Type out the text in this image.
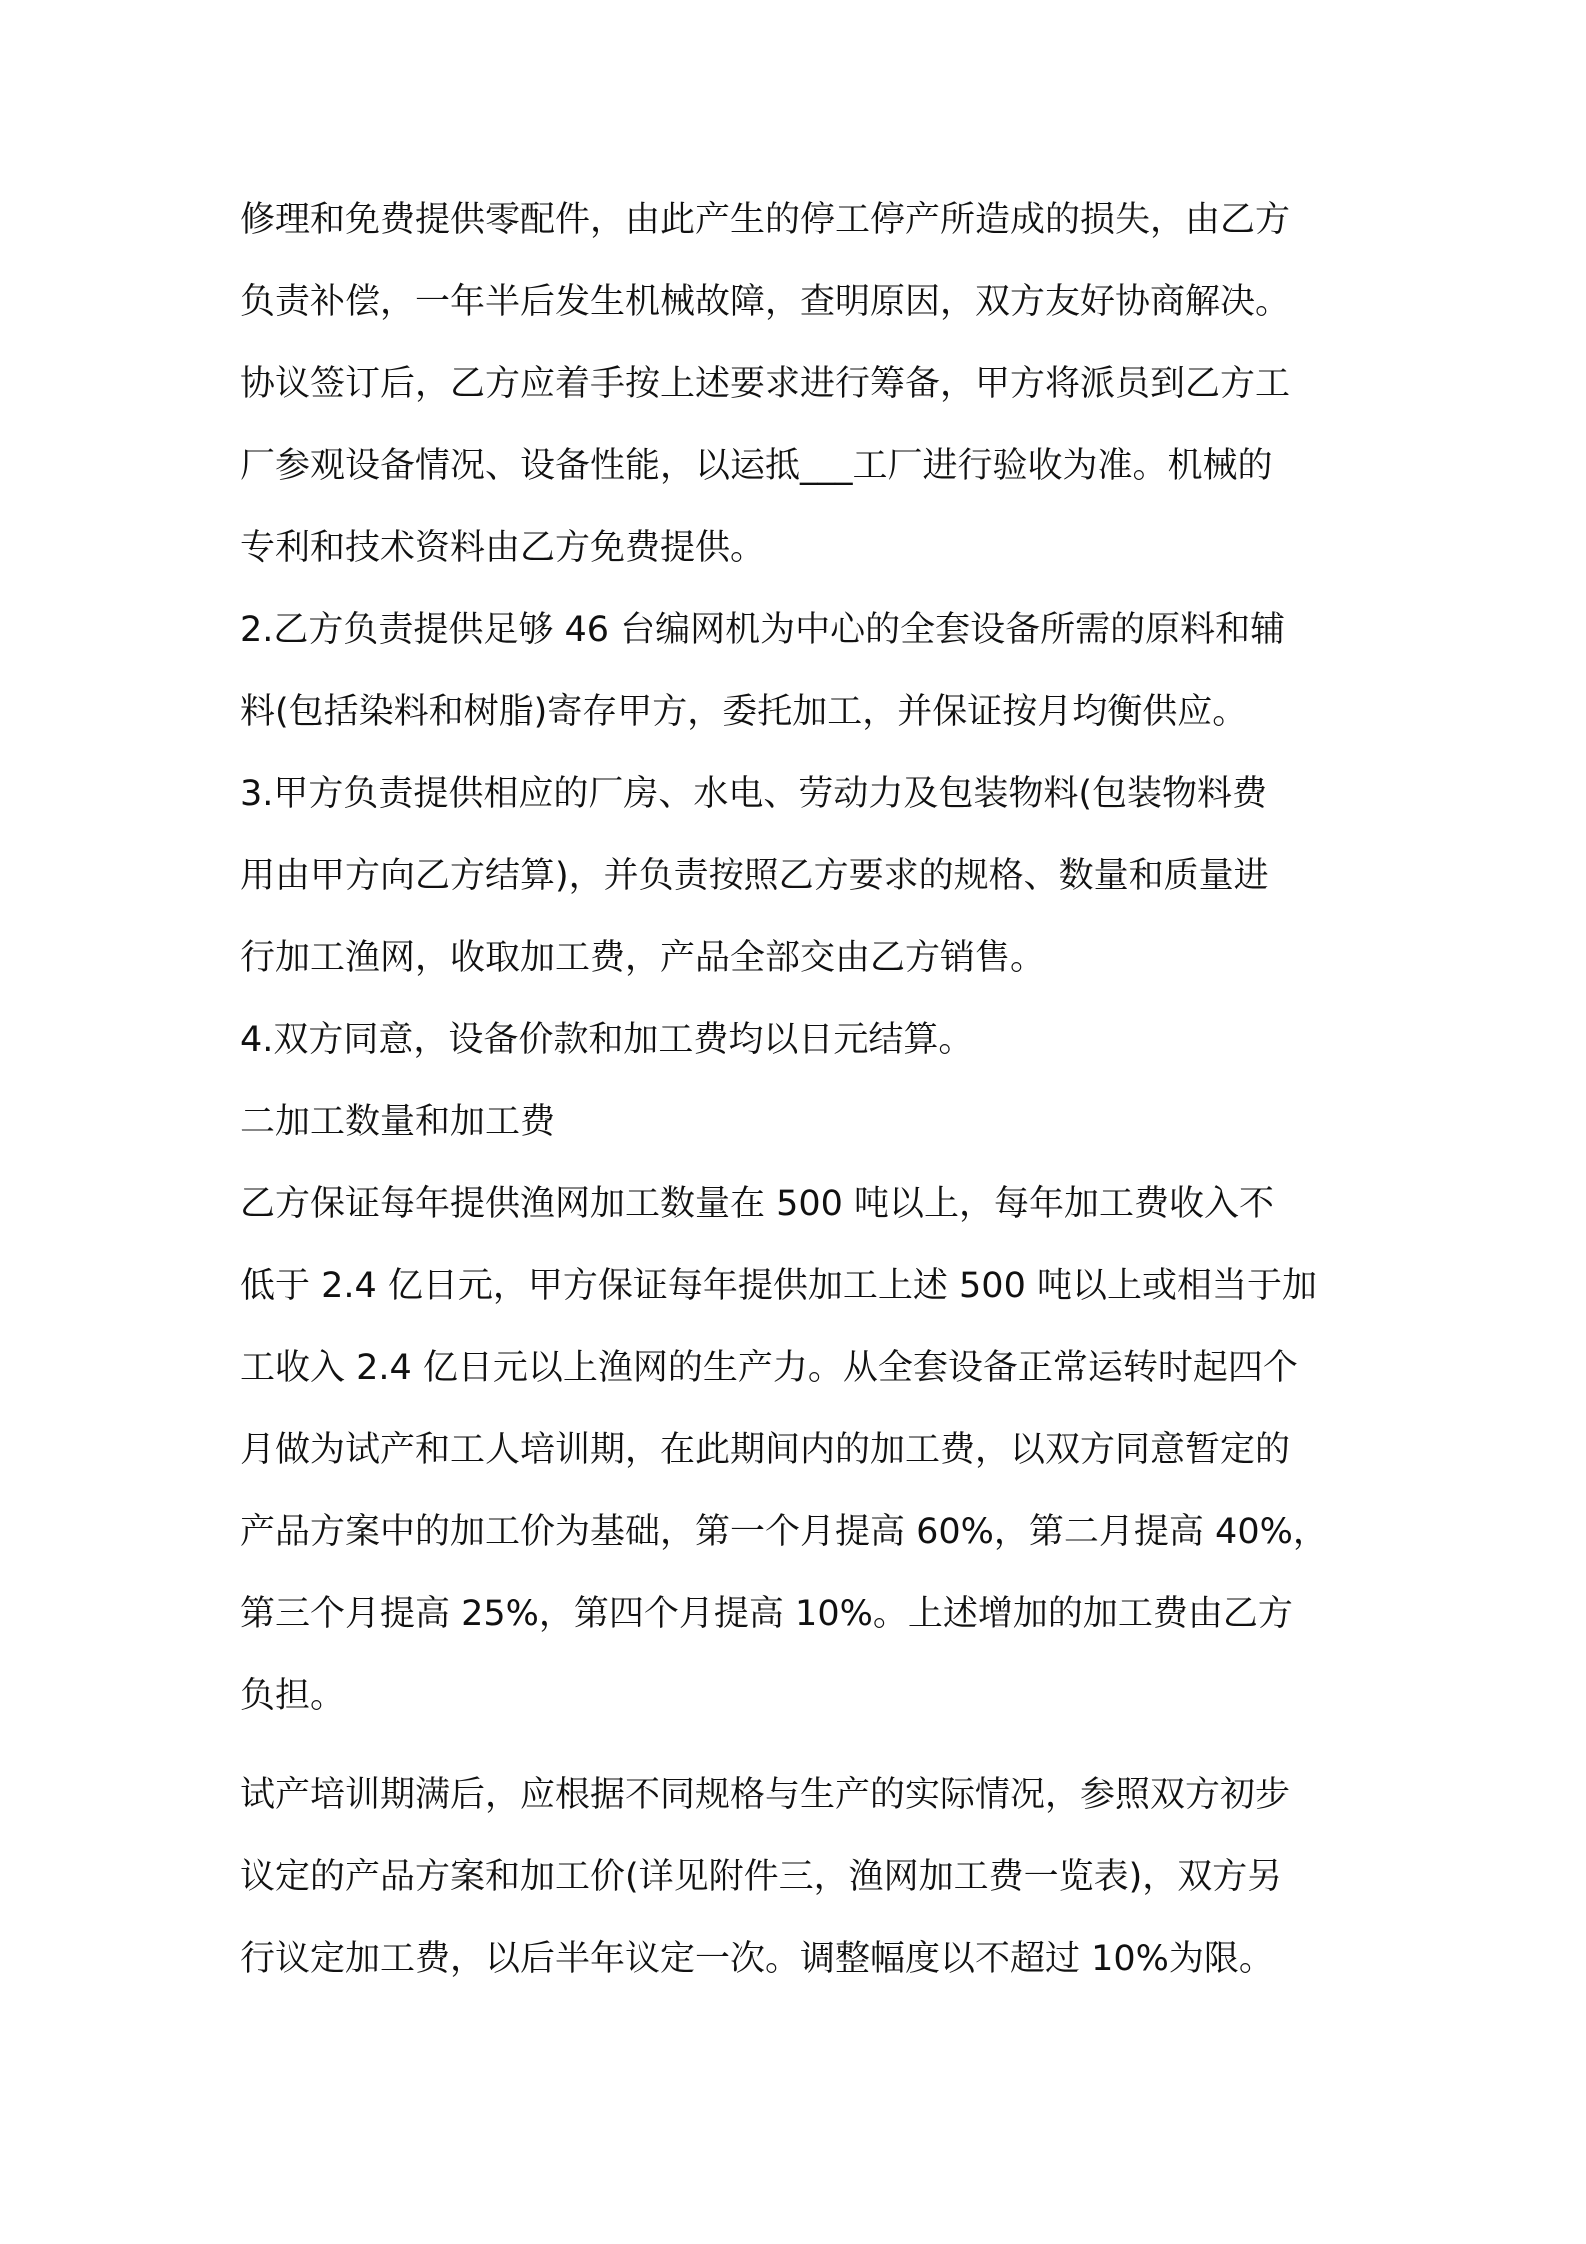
修理和免费提供零配件，由此产生的停工停产所造成的损失，由乙方
负责补偿，一年半后发生机械故障，查明原因，双方友好协商解决。
协议签订后，乙方应着手按上述要求进行筹备，甲方将派员到乙方工
厂参观设备情况、设备性能，以运抵___工厂进行验收为准。机械的
专利和技术资料由乙方免费提供。
2.乙方负责提供足够 46 台编网机为中心的全套设备所需的原料和辅
料(包括染料和树脂)寄存甲方，委托加工，并保证按月均衡供应。
3.甲方负责提供相应的厂房、水电、劳动力及包装物料(包装物料费
用由甲方向乙方结算)，并负责按照乙方要求的规格、数量和质量进
行加工渔网，收取加工费，产品全部交由乙方销售。
4.双方同意，设备价款和加工费均以日元结算。
二加工数量和加工费
乙方保证每年提供渔网加工数量在 500 吨以上，每年加工费收入不
低于 2.4 亿日元，甲方保证每年提供加工上述 500 吨以上或相当于加
工收入 2.4 亿日元以上渔网的生产力。从全套设备正常运转时起四个
月做为试产和工人培训期，在此期间内的加工费，以双方同意暂定的
产品方案中的加工价为基础，第一个月提高 60%，第二月提高 40%，
第三个月提高 25%，第四个月提高 10%。上述增加的加工费由乙方
负担。
试产培训期满后，应根据不同规格与生产的实际情况，参照双方初步
议定的产品方案和加工价(详见附件三，渔网加工费一览表)，双方另
行议定加工费，以后半年议定一次。调整幅度以不超过 10%为限。
